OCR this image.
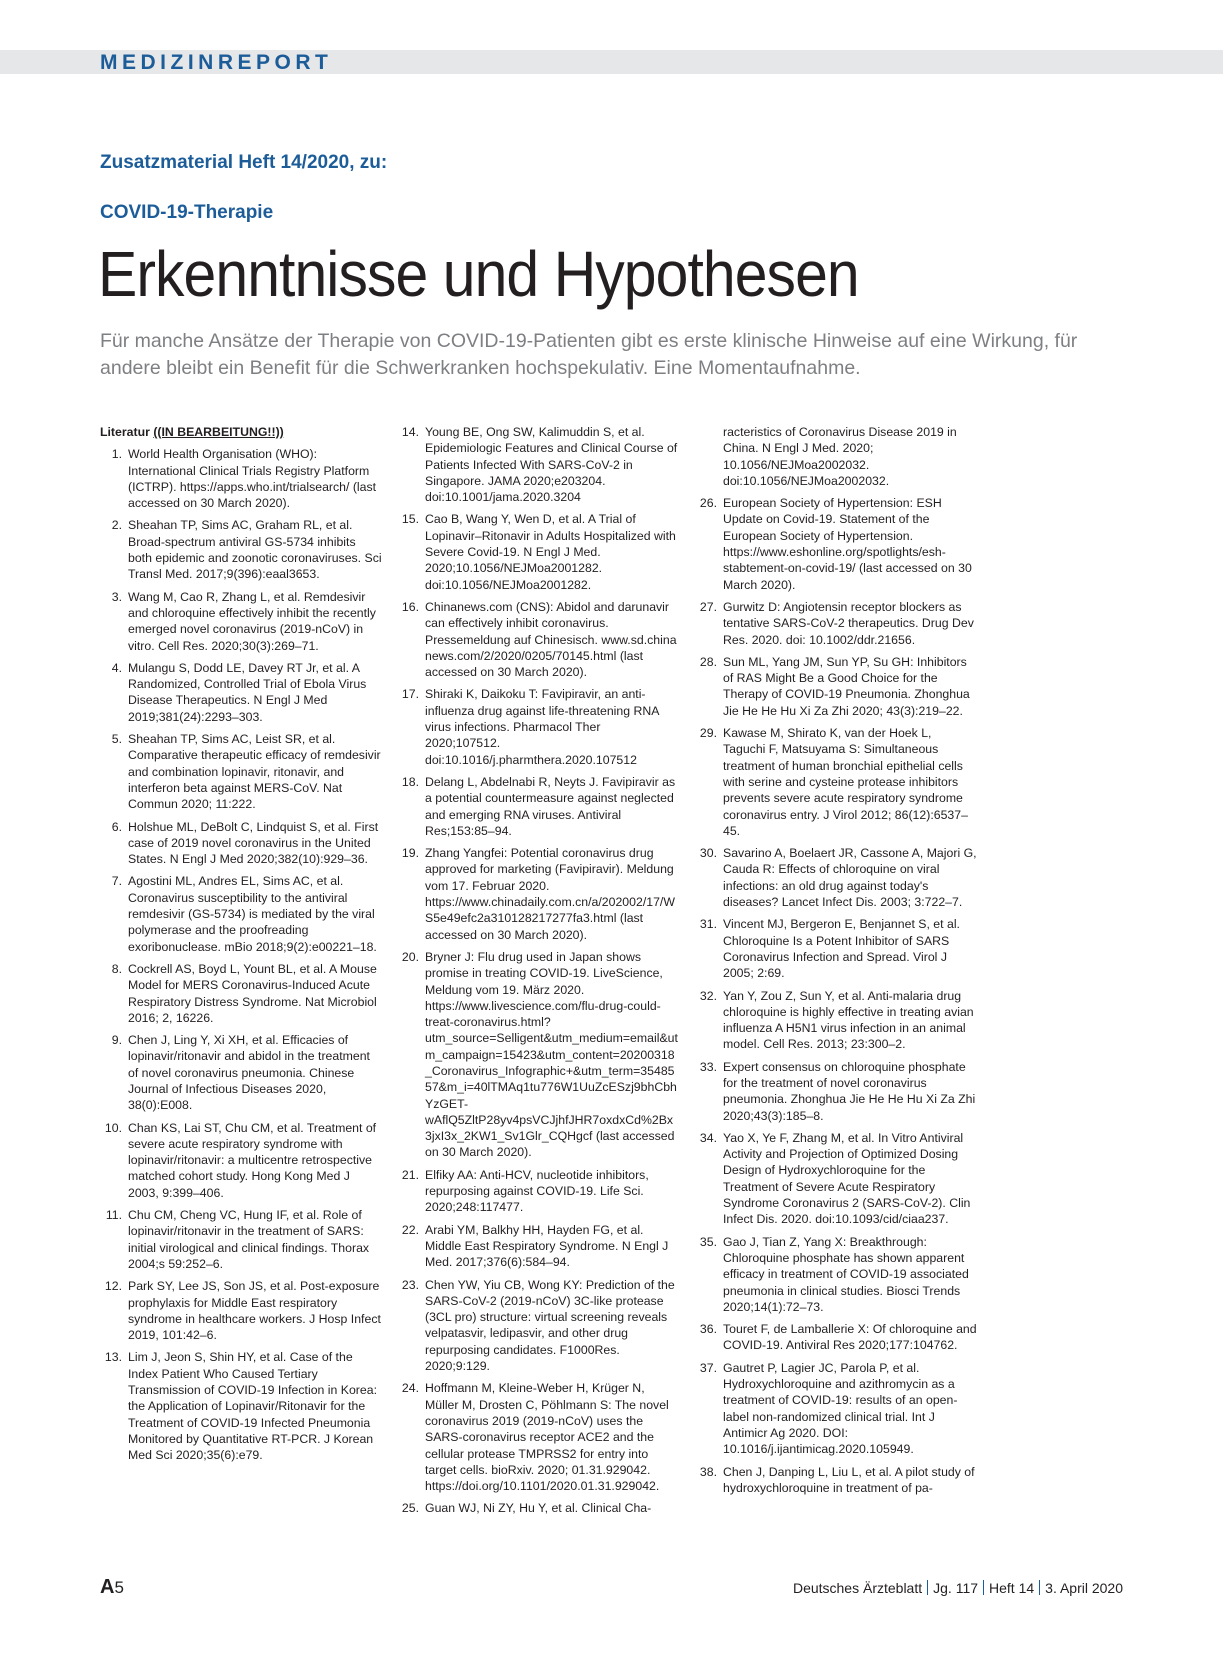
MEDIZINREPORT
Zusatzmaterial Heft 14/2020, zu:
COVID-19-Therapie
Erkenntnisse und Hypothesen

Für manche Ansätze der Therapie von COVID-19-Patienten gibt es erste klinische Hinweise auf eine Wirkung, für andere bleibt ein Benefit für die Schwerkranken hochspekulativ. Eine Momentaufnahme.

Literatur ((IN BEARBEITUNG!!))
1. World Health Organisation (WHO): International Clinical Trials Registry Platform (ICTRP). https://apps.who.int/trialsearch/ (last accessed on 30 March 2020).
2. Sheahan TP, Sims AC, Graham RL, et al. Broad-spectrum antiviral GS-5734 inhibits both epidemic and zoonotic coronaviruses. Sci Transl Med. 2017;9(396):eaal3653.
3. Wang M, Cao R, Zhang L, et al. Remdesivir and chloroquine effectively inhibit the recently emerged novel coronavirus (2019-nCoV) in vitro. Cell Res. 2020;30(3):269–71.
4. Mulangu S, Dodd LE, Davey RT Jr, et al. A Randomized, Controlled Trial of Ebola Virus Disease Therapeutics. N Engl J Med 2019;381(24):2293–303.
5. Sheahan TP, Sims AC, Leist SR, et al. Comparative therapeutic efficacy of remdesivir and combination lopinavir, ritonavir, and interferon beta against MERS-CoV. Nat Commun 2020; 11:222.
6. Holshue ML, DeBolt C, Lindquist S, et al. First case of 2019 novel coronavirus in the United States. N Engl J Med 2020;382(10):929–36.
7. Agostini ML, Andres EL, Sims AC, et al. Coronavirus susceptibility to the antiviral remdesivir (GS-5734) is mediated by the viral polymerase and the proofreading exoribonuclease. mBio 2018;9(2):e00221–18.
8. Cockrell AS, Boyd L, Yount BL, et al. A Mouse Model for MERS Coronavirus-Induced Acute Respiratory Distress Syndrome. Nat Microbiol 2016; 2, 16226.
9. Chen J, Ling Y, Xi XH, et al. Efficacies of lopinavir/ritonavir and abidol in the treatment of novel coronavirus pneumonia. Chinese Journal of Infectious Diseases 2020, 38(0):E008.
10. Chan KS, Lai ST, Chu CM, et al. Treatment of severe acute respiratory syndrome with lopinavir/ritonavir: a multicentre retrospective matched cohort study. Hong Kong Med J 2003, 9:399–406.
11. Chu CM, Cheng VC, Hung IF, et al. Role of lopinavir/ritonavir in the treatment of SARS: initial virological and clinical findings. Thorax 2004;s 59:252–6.
12. Park SY, Lee JS, Son JS, et al. Post-exposure prophylaxis for Middle East respiratory syndrome in healthcare workers. J Hosp Infect 2019, 101:42–6.
13. Lim J, Jeon S, Shin HY, et al. Case of the Index Patient Who Caused Tertiary Transmission of COVID-19 Infection in Korea: the Application of Lopinavir/Ritonavir for the Treatment of COVID-19 Infected Pneumonia Monitored by Quantitative RT-PCR. J Korean Med Sci 2020;35(6):e79.
14. Young BE, Ong SW, Kalimuddin S, et al. Epidemiologic Features and Clinical Course of Patients Infected With SARS-CoV-2 in Singapore. JAMA 2020;e203204. doi:10.1001/jama.2020.3204
15. Cao B, Wang Y, Wen D, et al. A Trial of Lopinavir–Ritonavir in Adults Hospitalized with Severe Covid-19. N Engl J Med. 2020;10.1056/NEJMoa2001282. doi:10.1056/NEJMoa2001282.
16. Chinanews.com (CNS): Abidol and darunavir can effectively inhibit coronavirus. Pressemeldung auf Chinesisch. www.sd.china news.com/2/2020/0205/70145.html (last accessed on 30 March 2020).
17. Shiraki K, Daikoku T: Favipiravir, an anti-influenza drug against life-threatening RNA virus infections. Pharmacol Ther 2020;107512. doi:10.1016/j.pharmthera.2020.107512
18. Delang L, Abdelnabi R, Neyts J. Favipiravir as a potential countermeasure against neglected and emerging RNA viruses. Antiviral Res;153:85–94.
19. Zhang Yangfei: Potential coronavirus drug approved for marketing (Favipiravir). Meldung vom 17. Februar 2020. https://www.chinadaily.com.cn/a/202002/17/WS5e49efc2a310128217277fa3.html (last accessed on 30 March 2020).
20. Bryner J: Flu drug used in Japan shows promise in treating COVID-19. LiveScience, Meldung vom 19. März 2020. https://www.livescience.com/flu-drug-could-treat-coronavirus.html?utm_source=Selligent&utm_medium=email&utm_campaign=15423&utm_content=20200318_Coronavirus_Infographic+&utm_term=3548557&m_i=40lTMAq1tu776W1UuZcESzj9bhCbhYzGET-wAflQ5ZltP28yv4psVCJjhfJHR7oxdxCd%2Bx3jxI3x_2KW1_Sv1Glr_CQHgcf (last accessed on 30 March 2020).
21. Elfiky AA: Anti-HCV, nucleotide inhibitors, repurposing against COVID-19. Life Sci. 2020;248:117477.
22. Arabi YM, Balkhy HH, Hayden FG, et al. Middle East Respiratory Syndrome. N Engl J Med. 2017;376(6):584–94.
23. Chen YW, Yiu CB, Wong KY: Prediction of the SARS-CoV-2 (2019-nCoV) 3C-like protease (3CL pro) structure: virtual screening reveals velpatasvir, ledipasvir, and other drug repurposing candidates. F1000Res. 2020;9:129.
24. Hoffmann M, Kleine-Weber H, Krüger N, Müller M, Drosten C, Pöhlmann S: The novel coronavirus 2019 (2019-nCoV) uses the SARS-coronavirus receptor ACE2 and the cellular protease TMPRSS2 for entry into target cells. bioRxiv. 2020; 01.31.929042. https://doi.org/10.1101/2020.01.31.929042.
25. Guan WJ, Ni ZY, Hu Y, et al. Clinical Cha-
racteristics of Coronavirus Disease 2019 in China. N Engl J Med. 2020; 10.1056/NEJMoa2002032. doi:10.1056/NEJMoa2002032.
26. European Society of Hypertension: ESH Update on Covid-19. Statement of the European Society of Hypertension. https://www.eshonline.org/spotlights/esh-stabtement-on-covid-19/ (last accessed on 30 March 2020).
27. Gurwitz D: Angiotensin receptor blockers as tentative SARS-CoV-2 therapeutics. Drug Dev Res. 2020. doi: 10.1002/ddr.21656.
28. Sun ML, Yang JM, Sun YP, Su GH: Inhibitors of RAS Might Be a Good Choice for the Therapy of COVID-19 Pneumonia. Zhonghua Jie He He Hu Xi Za Zhi 2020; 43(3):219–22.
29. Kawase M, Shirato K, van der Hoek L, Taguchi F, Matsuyama S: Simultaneous treatment of human bronchial epithelial cells with serine and cysteine protease inhibitors prevents severe acute respiratory syndrome coronavirus entry. J Virol 2012; 86(12):6537–45.
30. Savarino A, Boelaert JR, Cassone A, Majori G, Cauda R: Effects of chloroquine on viral infections: an old drug against today's diseases? Lancet Infect Dis. 2003; 3:722–7.
31. Vincent MJ, Bergeron E, Benjannet S, et al. Chloroquine Is a Potent Inhibitor of SARS Coronavirus Infection and Spread. Virol J 2005; 2:69.
32. Yan Y, Zou Z, Sun Y, et al. Anti-malaria drug chloroquine is highly effective in treating avian influenza A H5N1 virus infection in an animal model. Cell Res. 2013; 23:300–2.
33. Expert consensus on chloroquine phosphate for the treatment of novel coronavirus pneumonia. Zhonghua Jie He He Hu Xi Za Zhi 2020;43(3):185–8.
34. Yao X, Ye F, Zhang M, et al. In Vitro Antiviral Activity and Projection of Optimized Dosing Design of Hydroxychloroquine for the Treatment of Severe Acute Respiratory Syndrome Coronavirus 2 (SARS-CoV-2). Clin Infect Dis. 2020. doi:10.1093/cid/ciaa237.
35. Gao J, Tian Z, Yang X: Breakthrough: Chloroquine phosphate has shown apparent efficacy in treatment of COVID-19 associated pneumonia in clinical studies. Biosci Trends 2020;14(1):72–73.
36. Touret F, de Lamballerie X: Of chloroquine and COVID-19. Antiviral Res 2020;177:104762.
37. Gautret P, Lagier JC, Parola P, et al. Hydroxychloroquine and azithromycin as a treatment of COVID-19: results of an open-label non-randomized clinical trial. Int J Antimicr Ag 2020. DOI: 10.1016/j.ijantimicag.2020.105949.
38. Chen J, Danping L, Liu L, et al. A pilot study of hydroxychloroquine in treatment of pa-
A5	Deutsches Ärzteblatt Jg. 117 Heft 14 3. April 2020
